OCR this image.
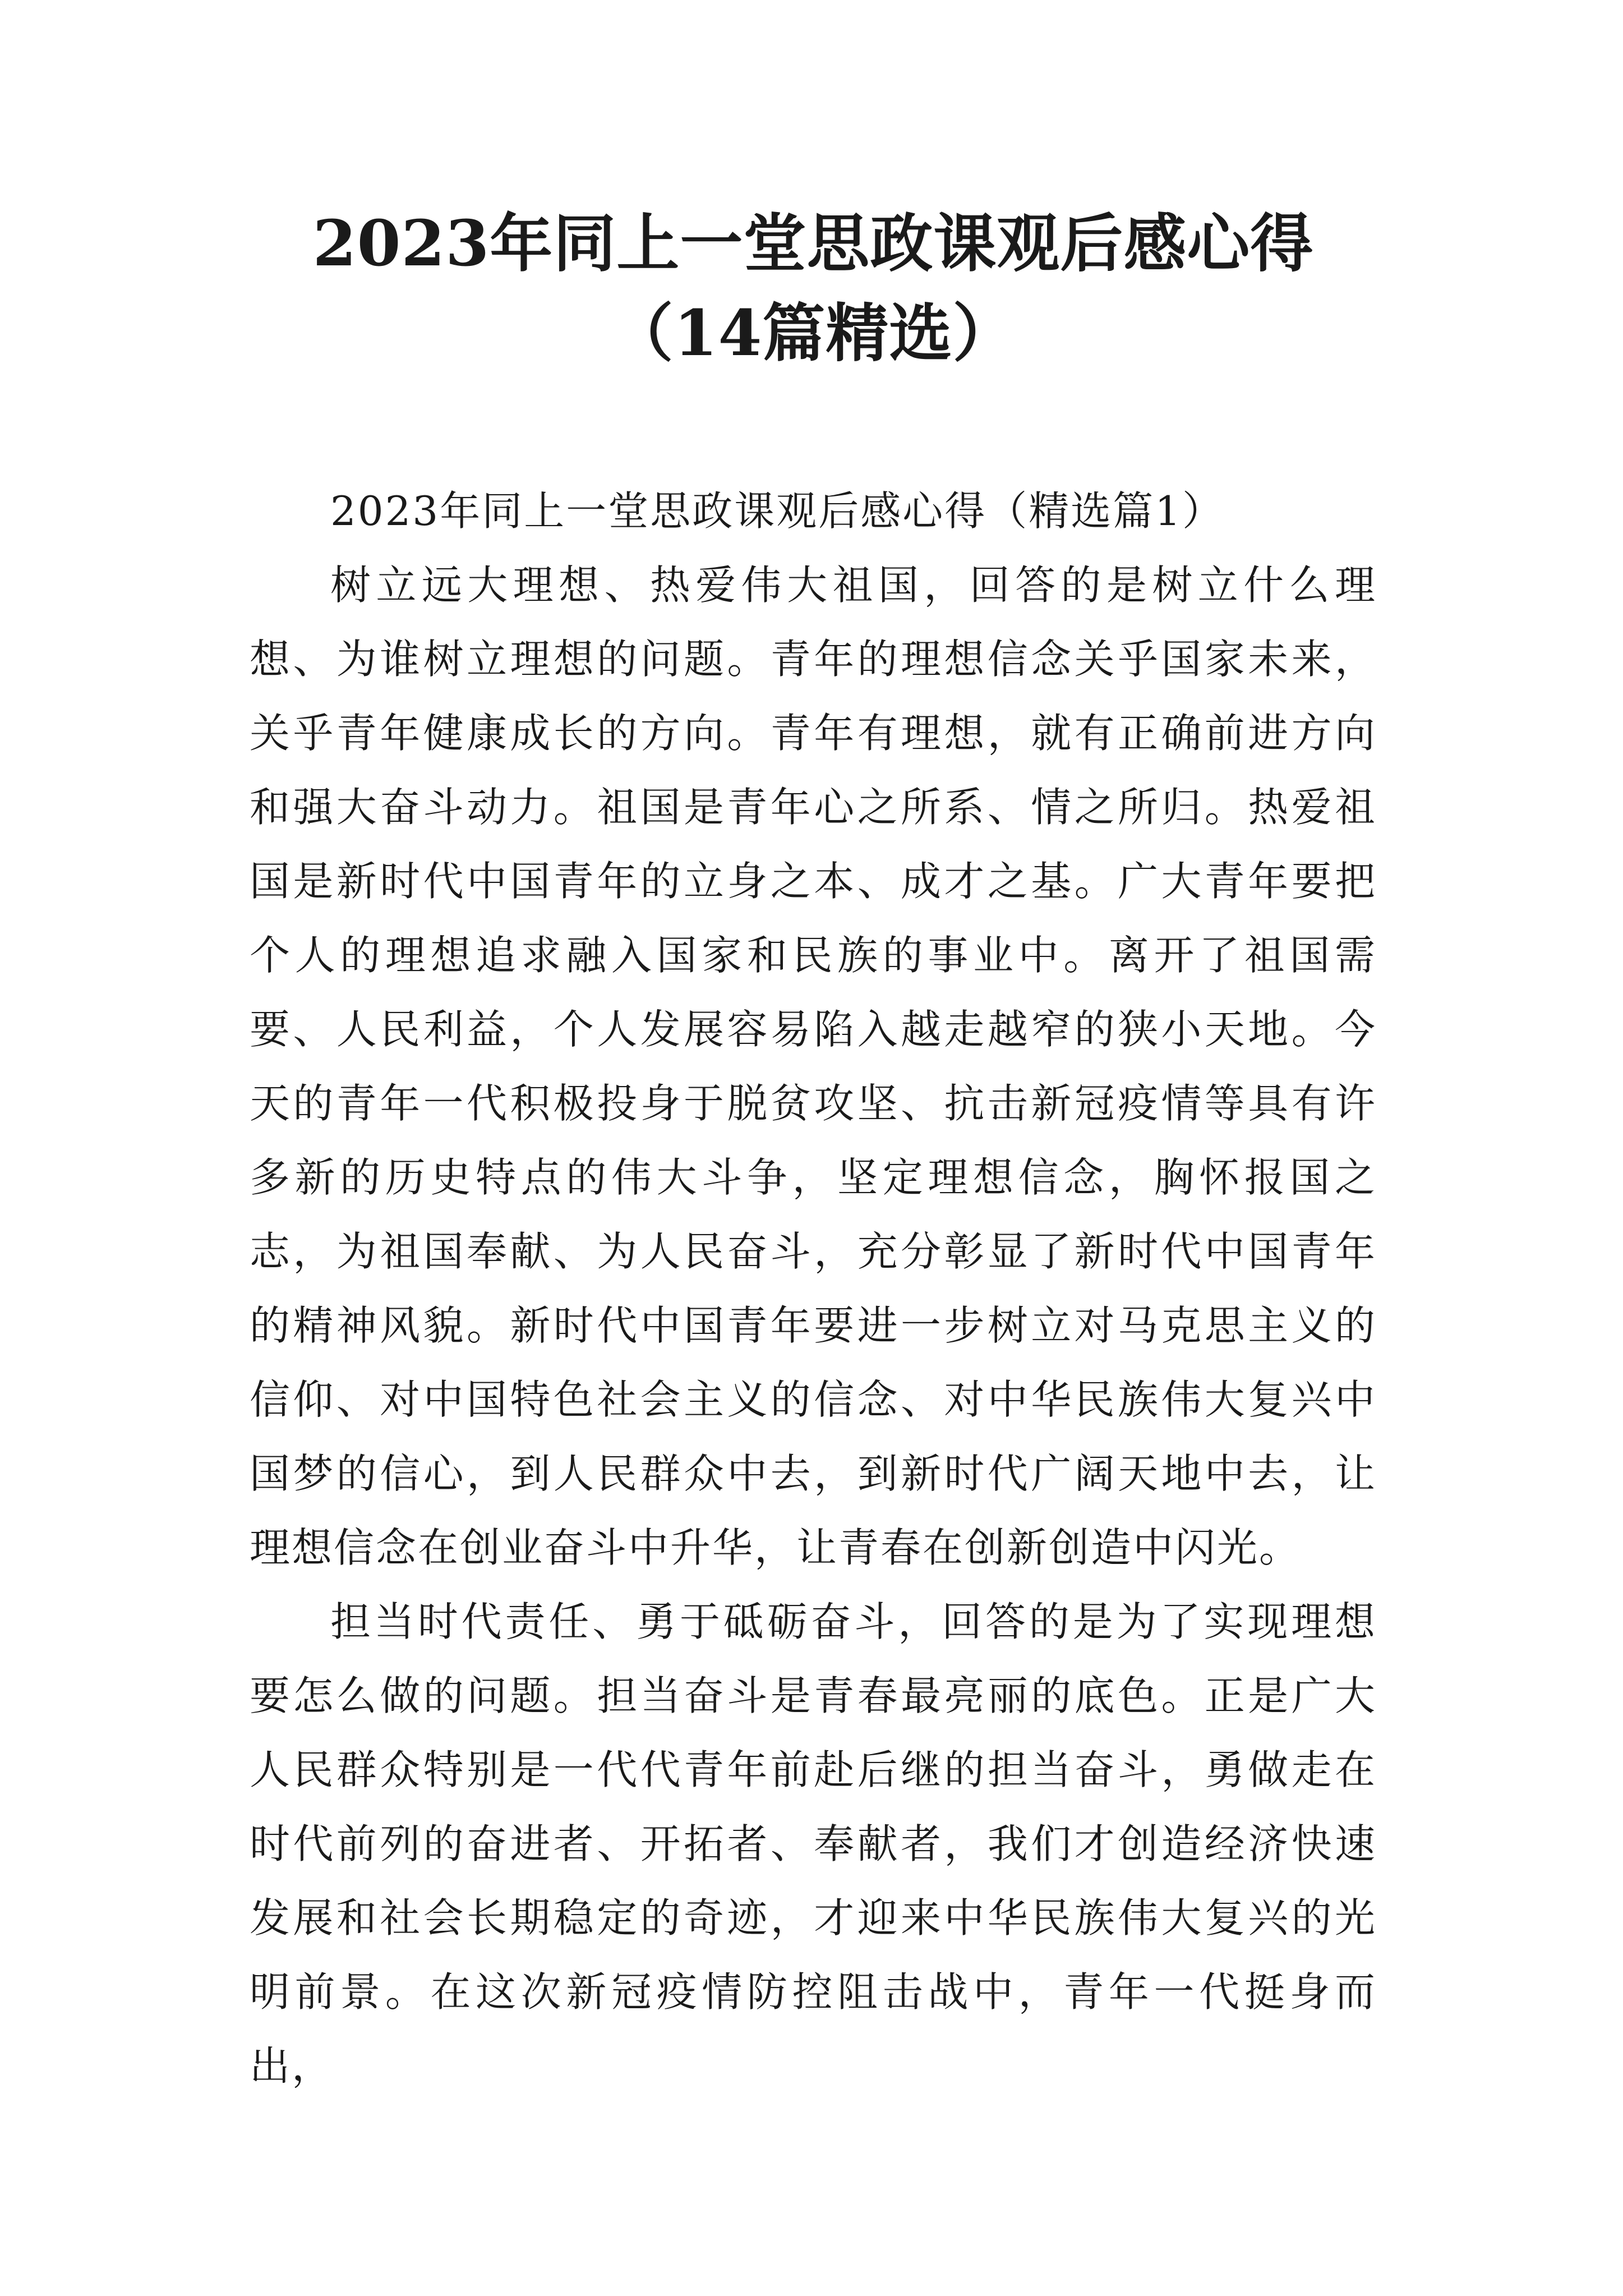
2023年同上一堂思政课观后感心得（14篇精选）

2023年同上一堂思政课观后感心得（精选篇1）

树立远大理想、热爱伟大祖国，回答的是树立什么理想、为谁树立理想的问题。青年的理想信念关乎国家未来，关乎青年健康成长的方向。青年有理想，就有正确前进方向和强大奋斗动力。祖国是青年心之所系、情之所归。热爱祖国是新时代中国青年的立身之本、成才之基。广大青年要把个人的理想追求融入国家和民族的事业中。离开了祖国需要、人民利益，个人发展容易陷入越走越窄的狭小天地。今天的青年一代积极投身于脱贫攻坚、抗击新冠疫情等具有许多新的历史特点的伟大斗争，坚定理想信念，胸怀报国之志，为祖国奉献、为人民奋斗，充分彰显了新时代中国青年的精神风貌。新时代中国青年要进一步树立对马克思主义的信仰、对中国特色社会主义的信念、对中华民族伟大复兴中国梦的信心，到人民群众中去，到新时代广阔天地中去，让理想信念在创业奋斗中升华，让青春在创新创造中闪光。

担当时代责任、勇于砥砺奋斗，回答的是为了实现理想要怎么做的问题。担当奋斗是青春最亮丽的底色。正是广大人民群众特别是一代代青年前赴后继的担当奋斗，勇做走在时代前列的奋进者、开拓者、奉献者，我们才创造经济快速发展和社会长期稳定的奇迹，才迎来中华民族伟大复兴的光明前景。在这次新冠疫情防控阻击战中，青年一代挺身而出，
